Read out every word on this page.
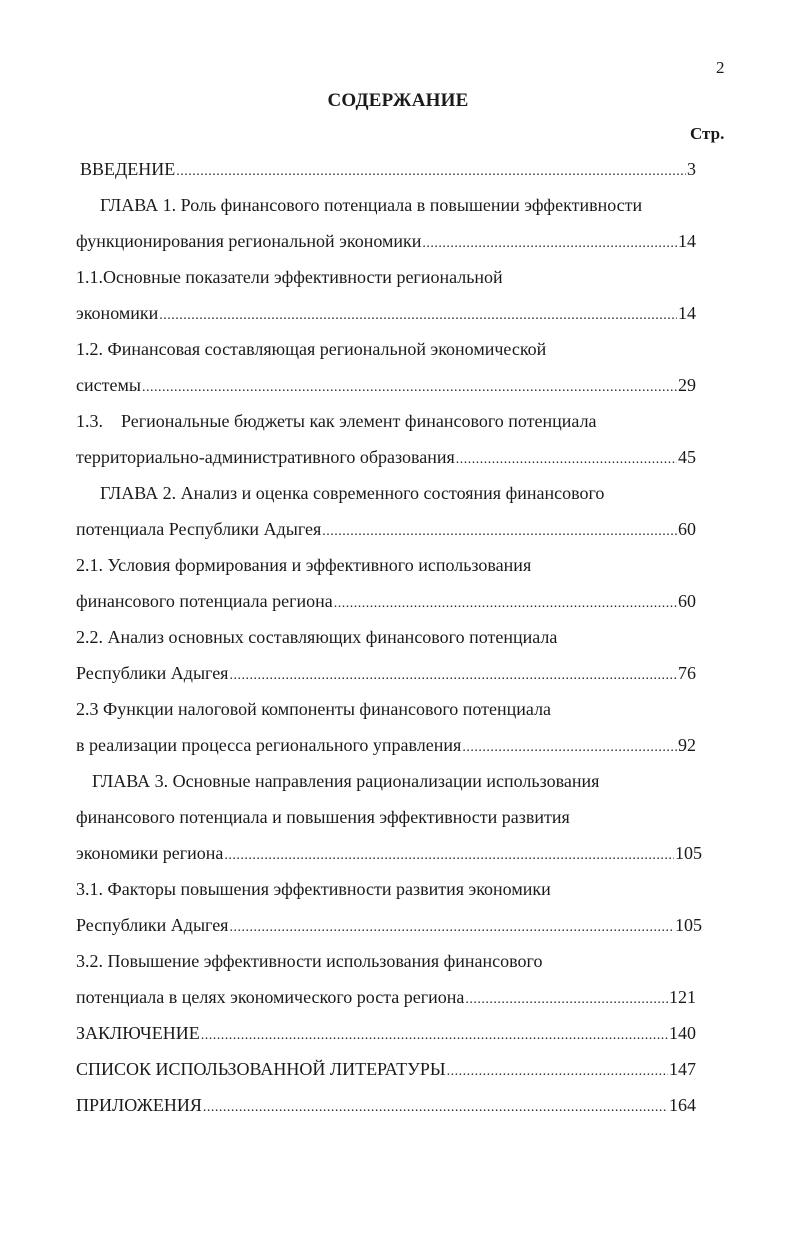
2
СОДЕРЖАНИЕ
Стр.
ВВЕДЕНИЕ .....	3
ГЛАВА 1. Роль финансового потенциала в повышении эффективности
функционирования региональной экономики .....	14
1.1.Основные показатели эффективности региональной
экономики .....	14
1.2. Финансовая составляющая региональной экономической
системы .....	29
1.3.    Региональные бюджеты как элемент финансового потенциала
территориально-административного образования .....	45
ГЛАВА 2. Анализ и оценка современного состояния финансового
потенциала Республики Адыгея .....	60
2.1. Условия формирования и эффективного использования
финансового потенциала региона .....	60
2.2. Анализ основных составляющих финансового потенциала
Республики Адыгея .....	76
2.3 Функции налоговой компоненты финансового потенциала
в реализации процесса регионального управления .....	92
ГЛАВА 3. Основные направления рационализации использования
финансового потенциала и повышения эффективности развития
экономики региона .....	105
3.1. Факторы повышения эффективности развития экономики
Республики Адыгея .....	105
3.2. Повышение эффективности использования финансового
потенциала в целях экономического роста региона .....	121
ЗАКЛЮЧЕНИЕ .....	140
СПИСОК ИСПОЛЬЗОВАННОЙ ЛИТЕРАТУРЫ .....	147
ПРИЛОЖЕНИЯ .....	164
